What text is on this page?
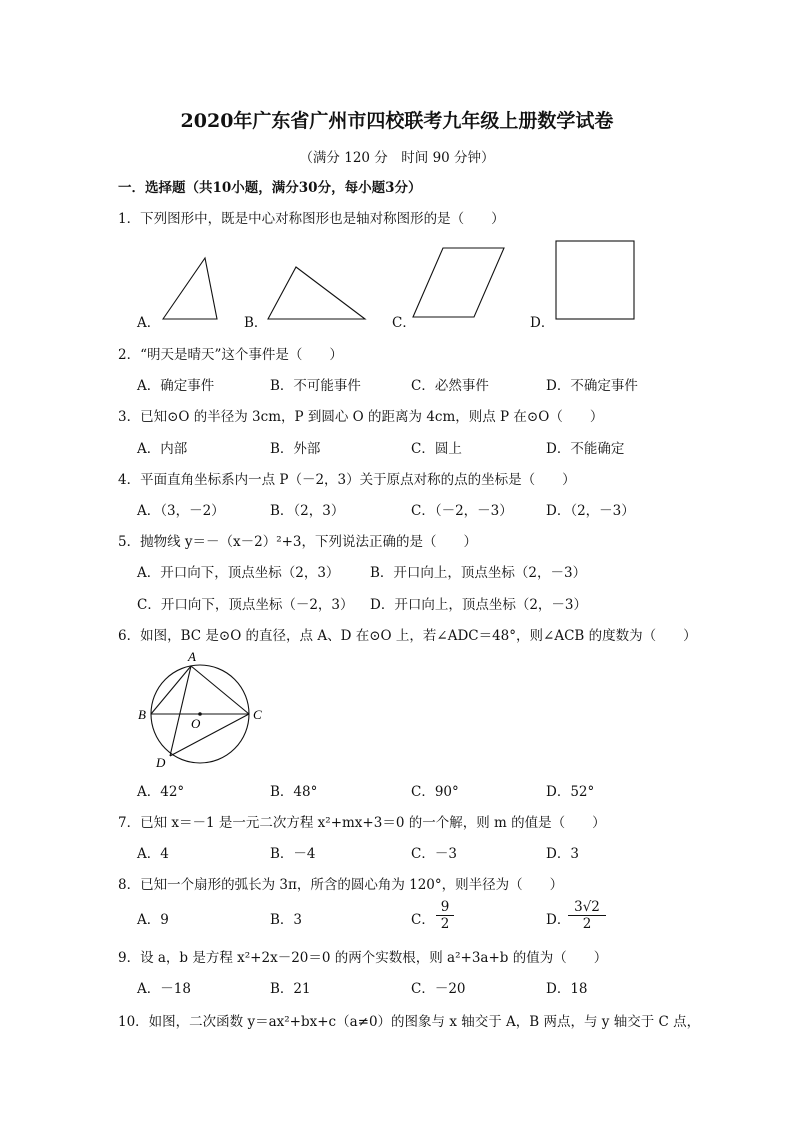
2020年广东省广州市四校联考九年级上册数学试卷
（满分 120 分　时间 90 分钟）
一．选择题（共10小题，满分30分，每小题3分）
1．下列图形中，既是中心对称图形也是轴对称图形的是（　　）
A．	B．	C．	D．
2．“明天是晴天”这个事件是（　　）
A．确定事件	B．不可能事件	C．必然事件	D．不确定事件
3．已知⊙O 的半径为 3cm，P 到圆心 O 的距离为 4cm，则点 P 在⊙O（　　）
A．内部	B．外部	C．圆上	D．不能确定
4．平面直角坐标系内一点 P（－2，3）关于原点对称的点的坐标是（　　）
A．（3，－2）	B．（2，3）	C．（－2，－3） D．（2，－3）
5．抛物线 y＝－（x－2）²+3，下列说法正确的是（　　）
A．开口向下，顶点坐标（2，3） B．开口向上，顶点坐标（2，－3）
C．开口向下，顶点坐标（－2，3） D．开口向上，顶点坐标（2，－3）
6．如图，BC 是⊙O 的直径，点 A、D 在⊙O 上，若∠ADC＝48°，则∠ACB 的度数为（　　）
A
B
O
C
D
A．42°	B．48°	C．90°	D．52°
7．已知 x＝－1 是一元二次方程 x²+mx+3＝0 的一个解，则 m 的值是（　　）
A．4	B．－4	C．－3	D．3
8．已知一个扇形的弧长为 3π，所含的圆心角为 120°，则半径为（　　）
A．9	B．3	C． $\frac{9}{2}$	D．
$\frac{3√2}{2}$
9．设 a，b 是方程 x²+2x－20＝0 的两个实数根，则 a²+3a+b 的值为（　　）
A．－18	B．21	C．－20	D．18
10．如图，二次函数 y＝ax²+bx+c（a≠0）的图象与 x 轴交于 A，B 两点，与 y 轴交于 C 点，
